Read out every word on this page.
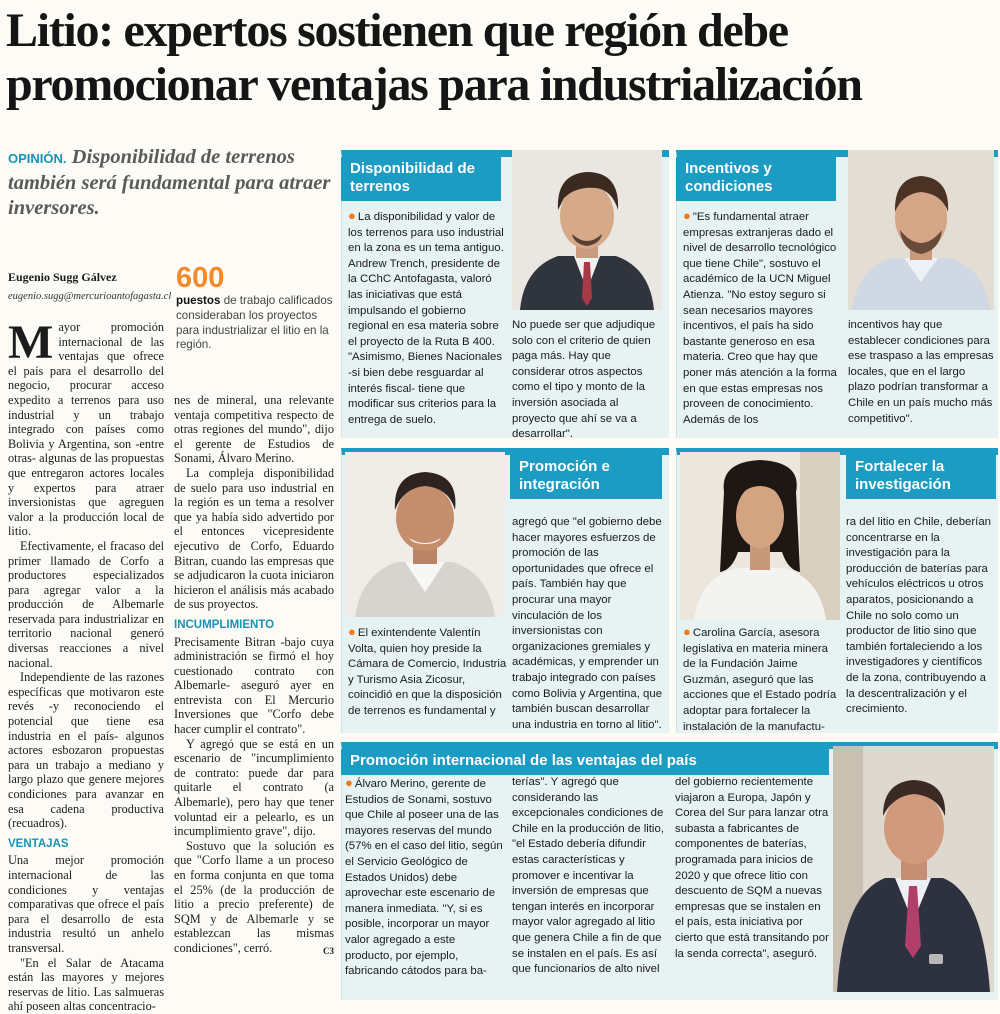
Litio: expertos sostienen que región debe
promocionar ventajas para industrialización
OPINIÓN. Disponibilidad de terrenos también será fundamental para atraer inversores.
Eugenio Sugg Gálvez
eugenio.sugg@mercurioantofagasta.cl
600
puestos de trabajo calificados consideraban los proyectos para industrializar el litio en la región.

Mayor promoción internacional de las ventajas que ofrece el país para el desarrollo del negocio, procurar acceso expedito a terrenos para uso industrial y un trabajo integrado con países como Bolivia y Argentina, son -entre otras- algunas de las propuestas que entregaron actores locales y expertos para atraer inversionistas que agreguen valor a la producción local de litio.

Efectivamente, el fracaso del primer llamado de Corfo a productores especializados para agregar valor a la producción de Albemarle reservada para industrializar en territorio nacional generó diversas reacciones a nivel nacional.

Independiente de las razones específicas que motivaron este revés -y reconociendo el potencial que tiene esa industria en el país- algunos actores esbozaron propuestas para un trabajo a mediano y largo plazo que genere mejores condiciones para avanzar en esa cadena productiva (recuadros).

VENTAJAS

Una mejor promoción internacional de las condiciones y ventajas comparativas que ofrece el país para el desarrollo de esta industria resultó un anhelo transversal.

"En el Salar de Atacama están las mayores y mejores reservas de litio. Las salmueras ahí poseen altas concentracio-

nes de mineral, una relevante ventaja competitiva respecto de otras regiones del mundo", dijo el gerente de Estudios de Sonami, Álvaro Merino.

La compleja disponibilidad de suelo para uso industrial en la región es un tema a resolver que ya había sido advertido por el entonces vicepresidente ejecutivo de Corfo, Eduardo Bitran, cuando las empresas que se adjudicaron la cuota iniciaron hicieron el análisis más acabado de sus proyectos.

INCUMPLIMIENTO

Precisamente Bitran -bajo cuya administración se firmó el hoy cuestionado contrato con Albemarle- aseguró ayer en entrevista con El Mercurio Inversiones que "Corfo debe hacer cumplir el contrato".

Y agregó que se está en un escenario de "incumplimiento de contrato: puede dar para quitarle el contrato (a Albemarle), pero hay que tener voluntad eir a pelearlo, es un incumplimiento grave", dijo.

Sostuvo que la solución es que "Corfo llame a un proceso en forma conjunta en que toma el 25% (de la producción de litio a precio preferente) de SQM y de Albemarle y se establezcan las mismas condiciones", cerró.	C3
Disponibilidad de terrenos

● La disponibilidad y valor de los terrenos para uso industrial en la zona es un tema antiguo. Andrew Trench, presidente de la CChC Antofagasta, valoró las iniciativas que está impulsando el gobierno regional en esa materia sobre el proyecto de la Ruta B 400. "Asimismo, Bienes Nacionales -si bien debe resguardar al interés fiscal- tiene que modificar sus criterios para la entrega de suelo.

No puede ser que adjudique solo con el criterio de quien paga más. Hay que considerar otros aspectos como el tipo y monto de la inversión asociada al proyecto que ahí se va a desarrollar".

Incentivos y condiciones

● "Es fundamental atraer empresas extranjeras dado el nivel de desarrollo tecnológico que tiene Chile", sostuvo el académico de la UCN Miguel Atienza. "No estoy seguro si sean necesarios mayores incentivos, el país ha sido bastante generoso en esa materia. Creo que hay que poner más atención a la forma en que estas empresas nos proveen de conocimiento. Además de los

incentivos hay que establecer condiciones para ese traspaso a las empresas locales, que en el largo plazo podrían transformar a Chile en un país mucho más competitivo".

Promoción e integración

● El exintendente Valentín Volta, quien hoy preside la Cámara de Comercio, Industria y Turismo Asia Zicosur, coincidió en que la disposición de terrenos es fundamental y

agregó que "el gobierno debe hacer mayores esfuerzos de promoción de las oportunidades que ofrece el país. También hay que procurar una mayor vinculación de los inversionistas con organizaciones gremiales y académicas, y emprender un trabajo integrado con países como Bolivia y Argentina, que también buscan desarrollar una industria en torno al litio".

Fortalecer la investigación

● Carolina García, asesora legislativa en materia minera de la Fundación Jaime Guzmán, aseguró que las acciones que el Estado podría adoptar para fortalecer la instalación de la manufactu-

ra del litio en Chile, deberían concentrarse en la investigación para la producción de baterías para vehículos eléctricos u otros aparatos, posicionando a Chile no solo como un productor de litio sino que también fortaleciendo a los investigadores y científicos de la zona, contribuyendo a la descentralización y el crecimiento.

Promoción internacional de las ventajas del país

● Álvaro Merino, gerente de Estudios de Sonami, sostuvo que Chile al poseer una de las mayores reservas del mundo (57% en el caso del litio, según el Servicio Geológico de Estados Unidos) debe aprovechar este escenario de manera inmediata. "Y, si es posible, incorporar un mayor valor agregado a este producto, por ejemplo, fabricando cátodos para ba-

terías". Y agregó que considerando las excepcionales condiciones de Chile en la producción de litio, "el Estado debería difundir estas características y promover e incentivar la inversión de empresas que tengan interés en incorporar mayor valor agregado al litio que genera Chile a fin de que se instalen en el país. Es así que funcionarios de alto nivel

del gobierno recientemente viajaron a Europa, Japón y Corea del Sur para lanzar otra subasta a fabricantes de componentes de baterías, programada para inicios de 2020 y que ofrece litio con descuento de SQM a nuevas empresas que se instalen en el país, esta iniciativa por cierto que está transitando por la senda correcta", aseguró.
